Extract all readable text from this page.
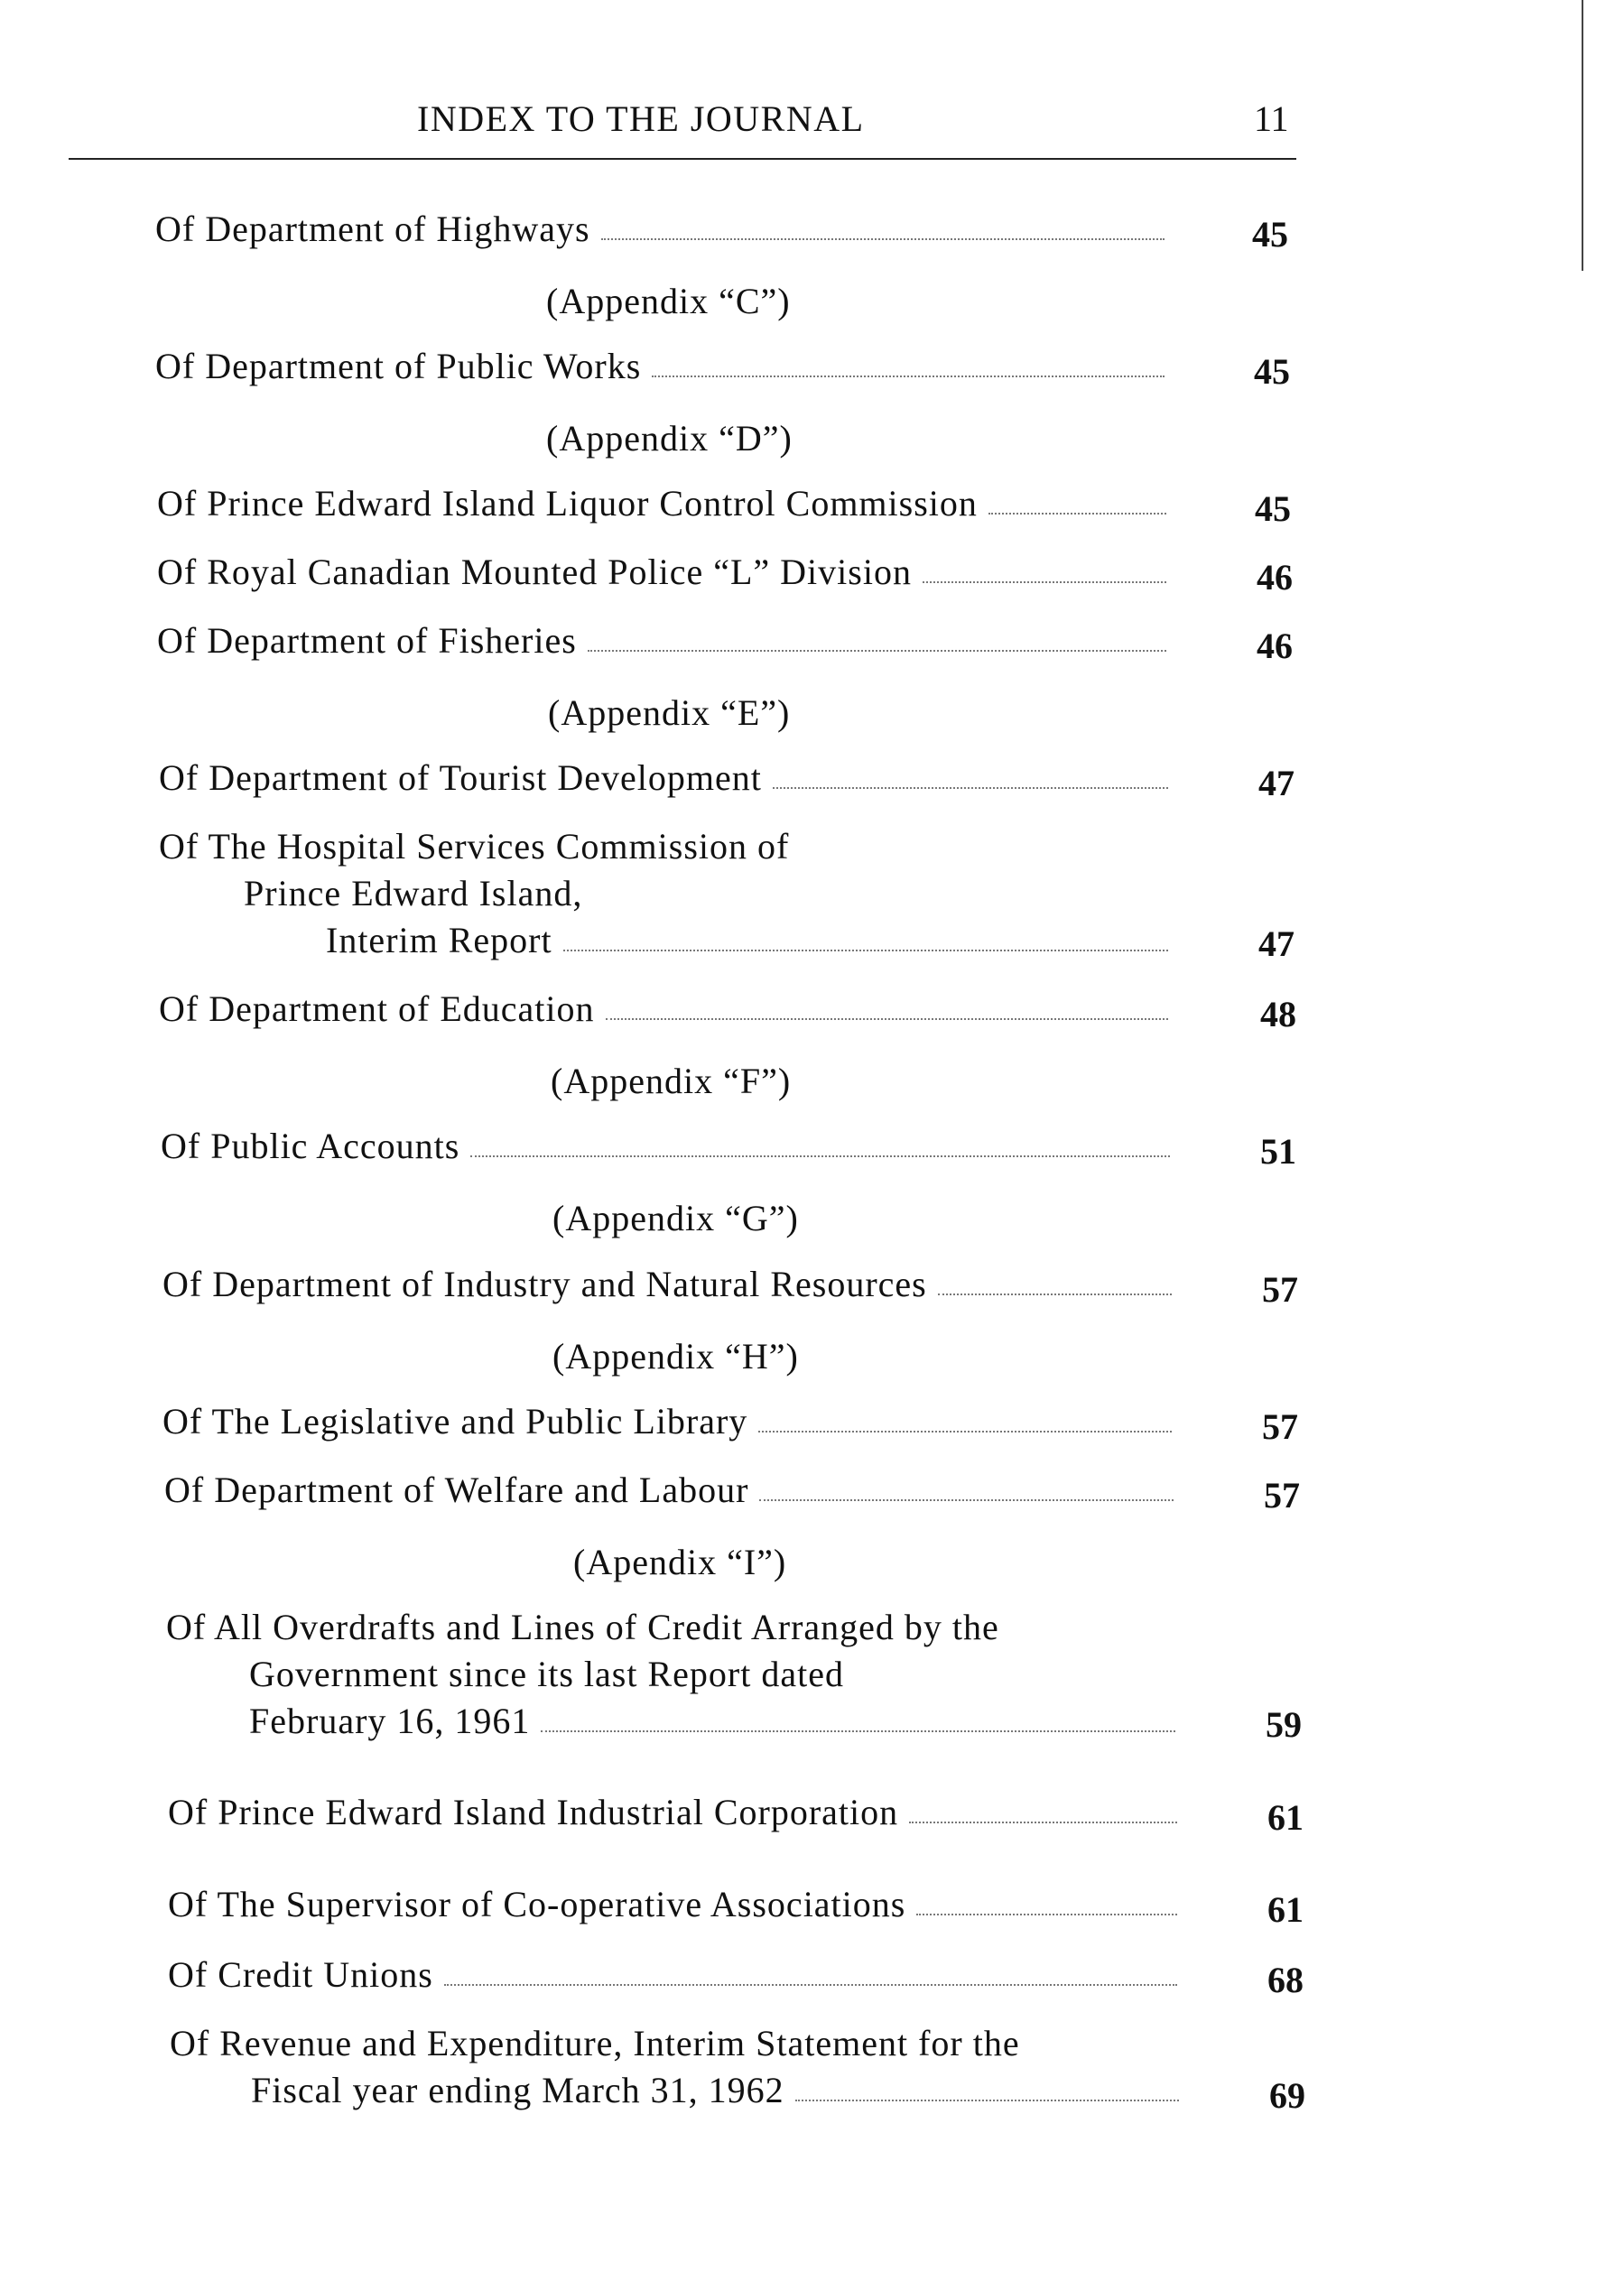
INDEX TO THE JOURNAL	11
Of Department of Highways	45
(Appendix “C”)
Of Department of Public Works	45
(Appendix “D”)
Of Prince Edward Island Liquor Control Commission	45
Of Royal Canadian Mounted Police “L” Division	46
Of Department of Fisheries	46
(Appendix “E”)
Of Department of Tourist Development	47
Of The Hospital Services Commission of
Prince Edward Island,
Interim Report	47
Of Department of Education	48
(Appendix “F”)
Of Public Accounts	51
(Appendix “G”)
Of Department of Industry and Natural Resources	57
(Appendix “H”)
Of The Legislative and Public Library	57
Of Department of Welfare and Labour	57
(Apendix “I”)
Of All Overdrafts and Lines of Credit Arranged by the
Government since its last Report dated
February 16, 1961	59
Of Prince Edward Island Industrial Corporation	61
Of The Supervisor of Co-operative Associations	61
Of Credit Unions	68
Of Revenue and Expenditure, Interim Statement for the
Fiscal year ending March 31, 1962	69
